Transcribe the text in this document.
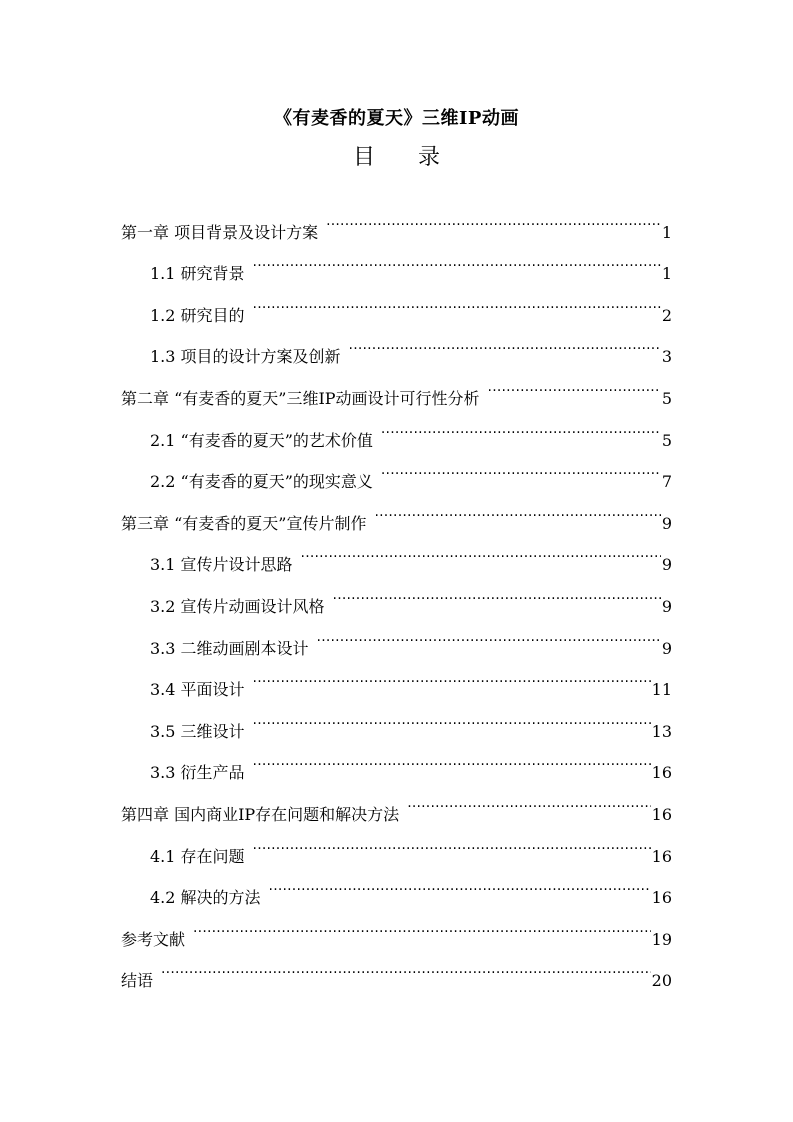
《有麦香的夏天》三维IP动画
目 录
第一章 项目背景及设计方案 .....	1
1.1 研究背景 .....	1
1.2 研究目的 .....	2
1.3 项目的设计方案及创新 .....	3
第二章 “有麦香的夏天”三维IP动画设计可行性分析 .....	5
2.1 “有麦香的夏天”的艺术价值 .....	5
2.2 “有麦香的夏天”的现实意义 .....	7
第三章 “有麦香的夏天”宣传片制作 .....	9
3.1 宣传片设计思路 .....	9
3.2 宣传片动画设计风格 .....	9
3.3 二维动画剧本设计 .....	9
3.4 平面设计 .....	11
3.5 三维设计 .....	13
3.3 衍生产品 .....	16
第四章 国内商业IP存在问题和解决方法 .....	16
4.1 存在问题 .....	16
4.2 解决的方法 .....	16
参考文献 .....	19
结语 .....	20
